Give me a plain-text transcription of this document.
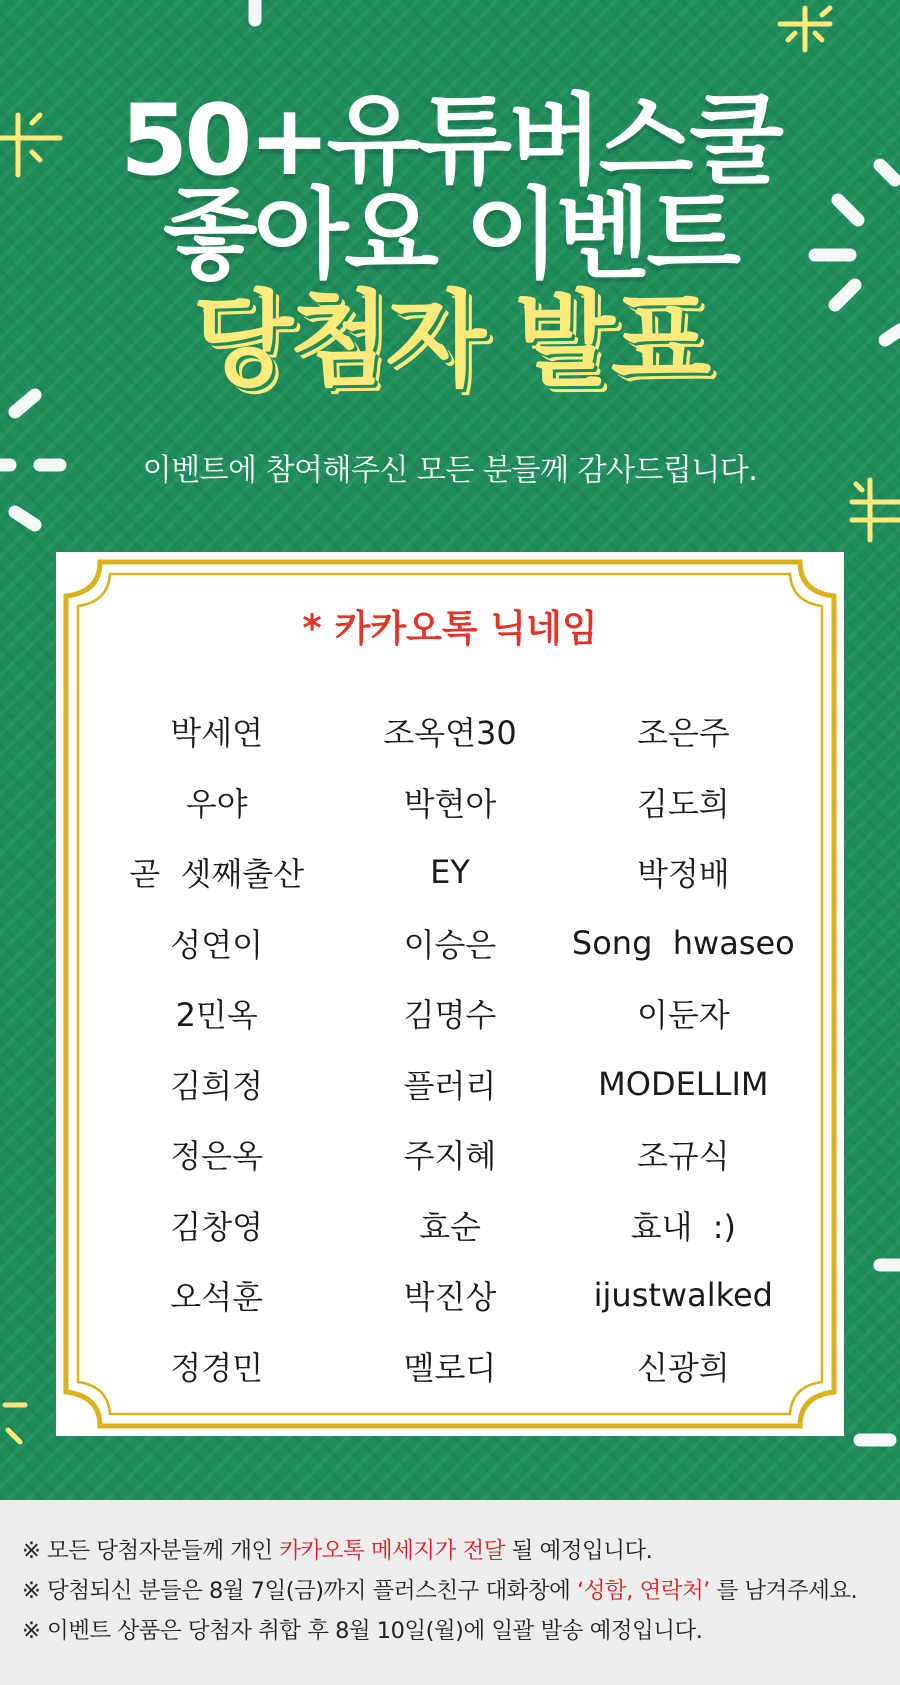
50+유튜버스쿨
좋아요 이벤트
당첨자 발표
이벤트에 참여해주신 모든 분들께 감사드립니다.
* 카카오톡 닉네임
박세연	조옥연30	조은주
우야	박현아	김도희
곧  셋째출산	EY	박정배
성연이	이승은	Song  hwaseo
2민옥	김명수	이둔자
김희정	플러리	MODELLIM
정은옥	주지혜	조규식
김창영	효순	효내  :)
오석훈	박진상	ijustwalked
정경민	멜로디	신광희
※ 모든 당첨자분들께 개인 카카오톡 메세지가 전달 될 예정입니다.
※ 당첨되신 분들은 8월 7일(금)까지 플러스친구 대화창에 ‘성함, 연락처’ 를 남겨주세요.
※ 이벤트 상품은 당첨자 취합 후 8월 10일(월)에 일괄 발송 예정입니다.
